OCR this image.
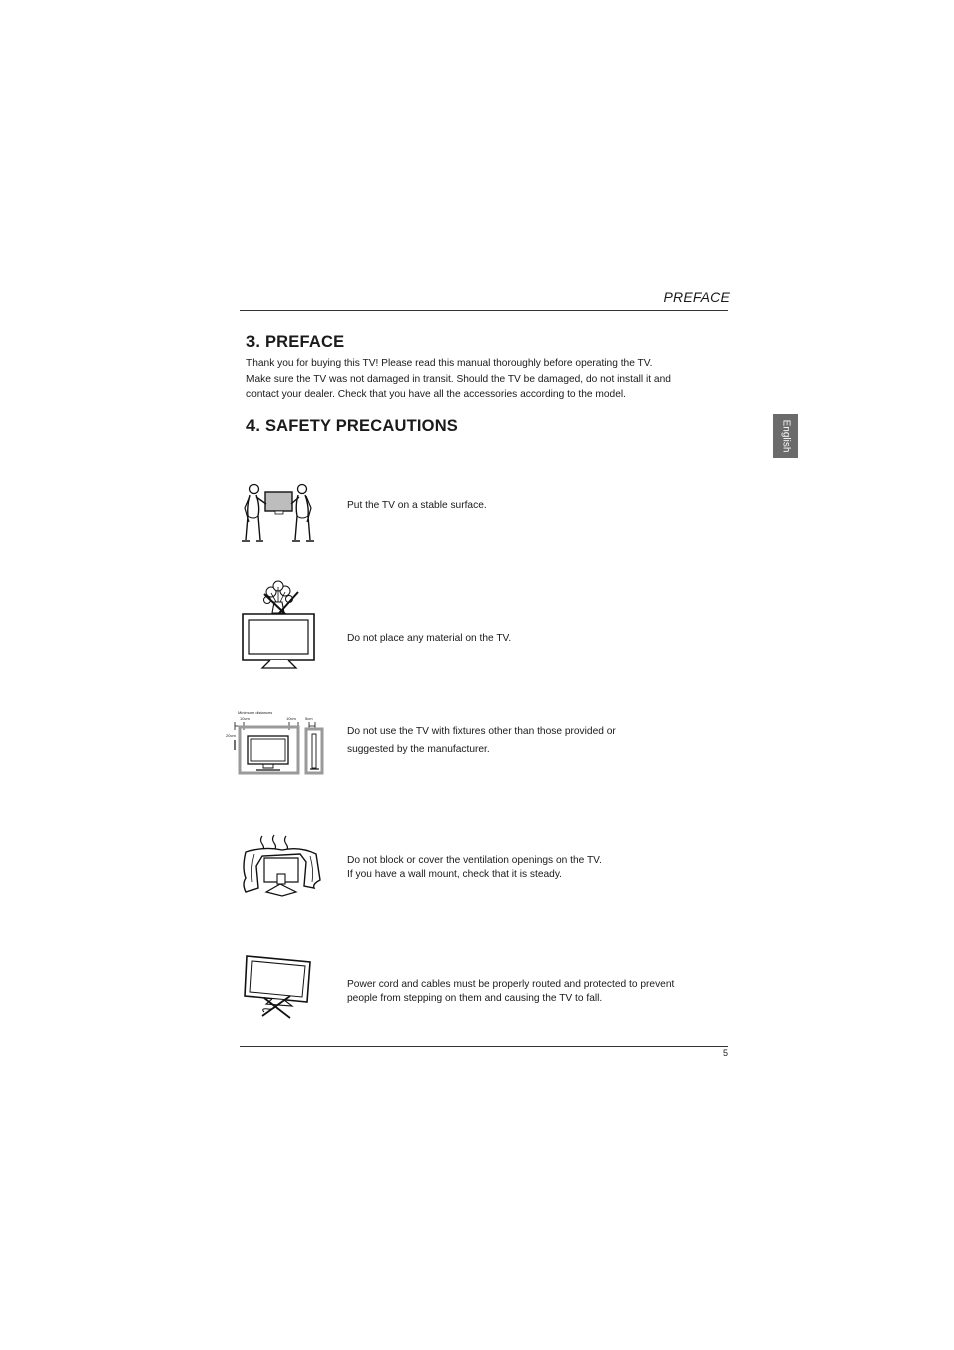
PREFACE
English
3. PREFACE
Thank you for buying this TV! Please read this manual thoroughly before operating the TV.
Make sure the TV was not damaged in transit. Should the TV be damaged, do not install it and
contact your dealer. Check that you have all the accessories according to the model.
4. SAFETY PRECAUTIONS
Put the TV on a stable surface.
Do not place any material on the TV.
Minimum distances
10cm	10cm 5cm
20cm	Do not use the TV with fixtures other than those provided or
suggested by the manufacturer.
Do not block or cover the ventilation openings on the TV.
If you have a wall mount, check that it is steady.
Power cord and cables must be properly routed and protected to prevent
people from stepping on them and causing the TV to fall.
5
